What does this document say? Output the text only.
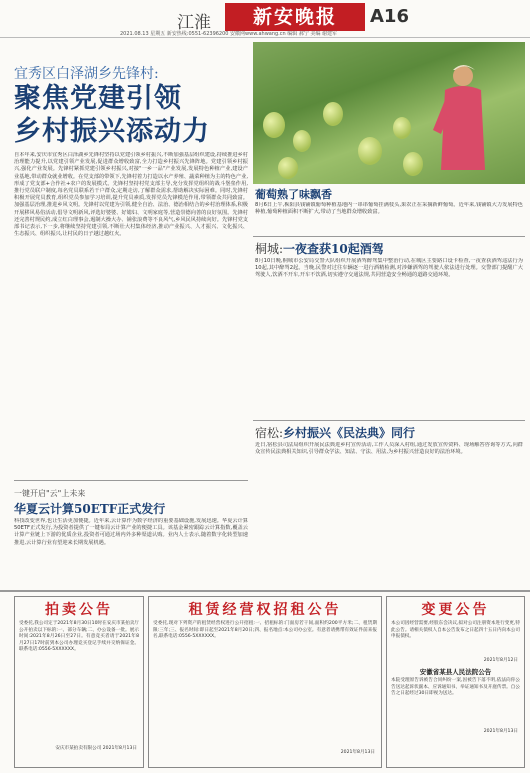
江淮	新安晚报	A16
2021.08.13 星期五 新安热线:0551-62396200 安徽网www.ahwang.cn 编辑 郝宁 美编 谢建军
宜秀区白泽湖乡先锋村:
聚焦党建引领
乡村振兴添动力
自本年来,安庆市宜秀区白泽湖乡先锋村坚持以党建引领乡村振兴,不断加强基层组织建设,持续推进乡村治理能力提升,以党建引领产业发展,促进群众增收致富,全力打造乡村振兴先锋阵地。党建引领乡村振兴,强化产业发展。先锋村紧抓党建引领乡村振兴,对接"一乡一品"产业发展,发展特色种植产业,建设产业基地,带动群众就业增收。在党支部的带领下,先锋村着力打造以水产养殖、蔬菜种植为主的特色产业,形成了党支部+合作社+农户的发展模式。先锋村坚持村党支部主导,充分发挥党组织的战斗堡垒作用,推行党员联户制度,每名党员联系若干户群众,定期走访,了解群众需求,帮助解决实际困难。同时,先锋村积极开展党员教育,组织党员参加学习培训,提升党员素质,发挥党员先锋模范作用,带领群众共同致富。加强基层治理,推进乡风文明。先锋村以党建为引领,健全自治、法治、德治相结合的乡村治理体系,积极开展移风易俗活动,倡导文明新风,评选好婆婆、好媳妇、文明家庭等,营造崇德向善的良好氛围。先锋村还完善村规民约,成立红白理事会,遏制大操大办、铺张浪费等不良风气,乡风民风持续向好。先锋村党支部书记表示,下一步,将继续坚持党建引领,不断壮大村集体经济,推动产业振兴、人才振兴、文化振兴、生态振兴、组织振兴,让村民的日子越过越红火。
葡萄熟了味飘香
8月6日上午,枞阳县钱铺镇葡萄种植基地内一串串葡萄挂满枝头,果农正在采摘新鲜葡萄。近年来,钱铺镇大力发展特色种植,葡萄种植面积不断扩大,带动了当地群众增收致富。
桐城:一夜查获10起酒驾
8月10日晚,桐城市公安局交警大队组织开展酒驾醉驾集中整治行动,在城区主要路口设卡检查,一夜查获酒驾违法行为10起,其中醉驾2起。当晚,民警对过往车辆逐一进行酒精检测,对涉嫌酒驾的驾驶人依法进行处理。交警部门提醒广大驾驶人,饮酒不开车,开车不饮酒,切实遵守交通法规,共同营造安全畅通的道路交通环境。
宿松:乡村振兴《民法典》同行
近日,宿松县司法局组织开展民法典进乡村宣传活动,工作人员深入村组,通过发放宣传资料、现场解答咨询等方式,向群众宣传民法典相关知识,引导群众学法、知法、守法、用法,为乡村振兴营造良好的法治环境。
一键开启"云"上未来
华夏云计算50ETF正式发行
科技改变世界,也让生活更加便捷。近年来,云计算作为数字经济的重要基础设施,发展迅速。华夏云计算50ETF正式发行,为投资者提供了一键布局云计算产业的便捷工具。该基金紧密跟踪云计算指数,覆盖云计算产业链上下游的优质企业,投资者可通过场内外多种渠道认购。业内人士表示,随着数字化转型加速推进,云计算行业有望迎来长期发展机遇。
拍卖公告
受委托,我公司定于2021年8月30日10时在安庆市某拍卖厅公开拍卖以下标的:一、部分车辆;二、办公设备一批。展示时间:2021年8月26日至27日。有意竞买者请于2021年8月27日17时前到本公司办理竞买登记手续并交纳保证金。联系电话:0556-5XXXXXX。
安庆市某拍卖有限公司 2021年8月13日
租赁经营权招租公告
受委托,现对下列资产的租赁经营权进行公开招租:一、招租标的:门面房若干间,面积约200平方米;二、租赁期限:三年;三、报名时间:即日起至2021年8月20日;四、报名地点:本公司办公室。有意者请携带有效证件前来报名,联系电话:0556-5XXXXXX。
2021年8月13日
变更公告
本公司因经营需要,经股东会决议,拟对公司注册资本进行变更,特此公告。请相关债权人自本公告发布之日起四十五日内向本公司申报债权。
2021年8月12日
安徽省某县人民法院公告
本院受理原告诉被告合同纠纷一案,因被告下落不明,依法向你公告送达起诉状副本、应诉通知书、举证通知书及开庭传票。自公告之日起经过30日即视为送达。
2021年8月13日
